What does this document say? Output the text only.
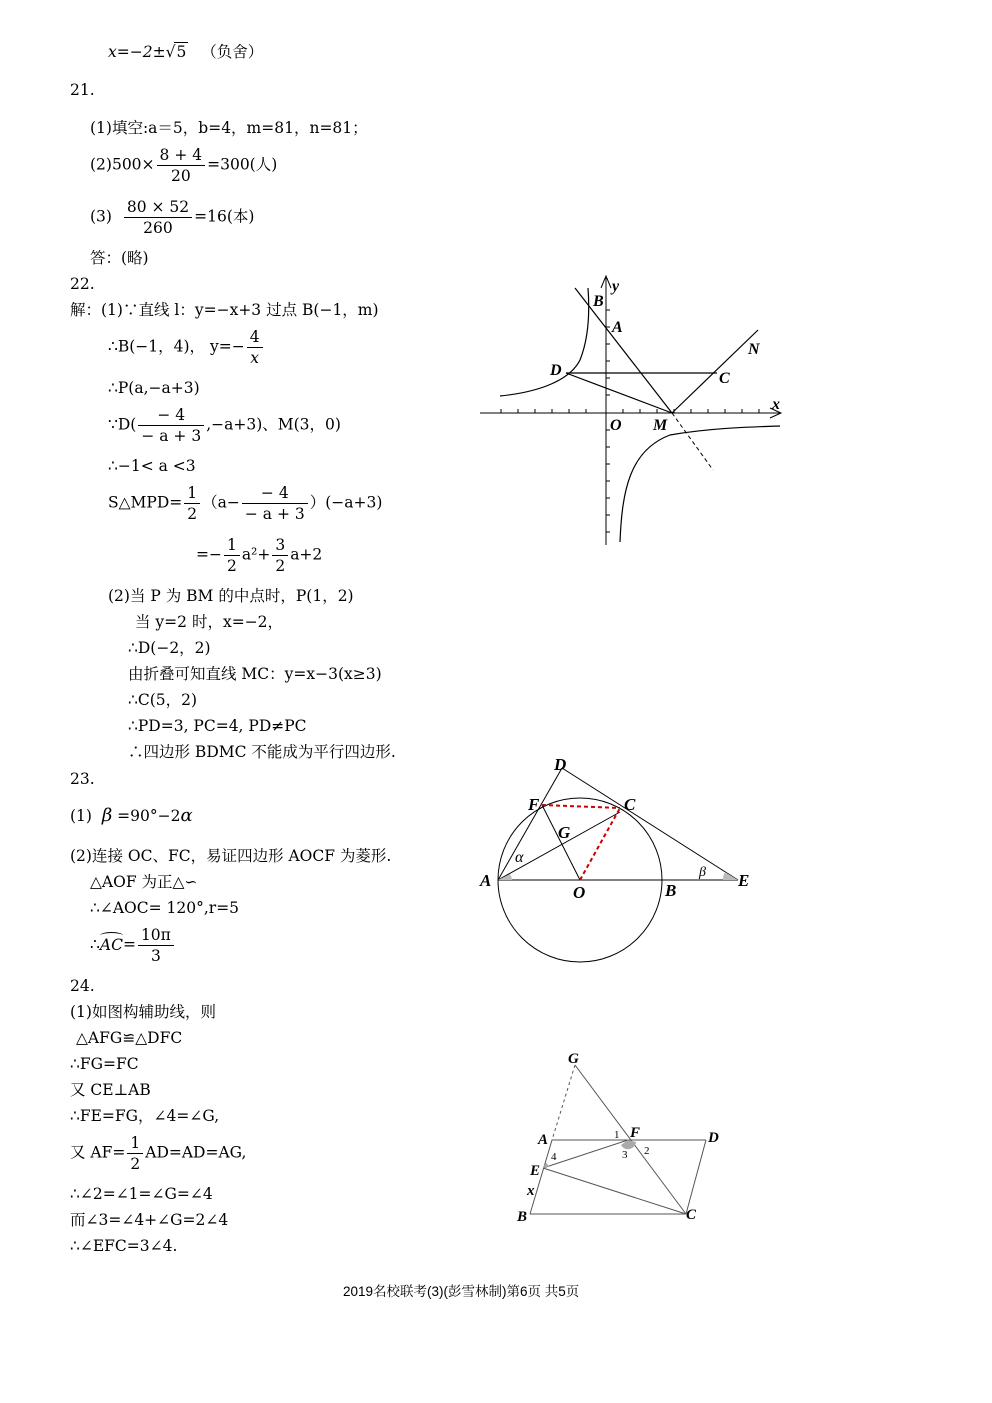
x=−2±√5 （负舍）
21.
(1)填空:a＝5，b=4，m=81，n=81；
$(2)500\times \frac{8 + 4}{20} =300$(人)
$(3) \frac{80 \times 52}{260} =16$(本)
答：(略)
22.
解：(1)∵直线 l：y=−x+3 过点 B(−1，m)
∴B(−1，4)， $y=- \frac{4}{x}$
∴P(a,−a+3)
∵D( $\frac{- 4}{- a + 3} ,-a+3$)、M(3，0)
∴−1< a <3
S△MPD= $\frac{1}{2} (a- \frac{- 4}{- a + 3} )(-a+3)$
=− $\frac{1}{2} a^2+ \frac{3}{2} a+2$
(2)当 P 为 BM 的中点时，P(1，2)
当 y=2 时，x=−2，
∴D(−2，2)
由折叠可知直线 MC：y=x−3(x≥3)
∴C(5，2)
∴PD=3, PC=4, PD≠PC
∴四边形 BDMC 不能成为平行四边形.
23.
(1) β =90°−2α
(2)连接 OC、FC，易证四边形 AOCF 为菱形.
△AOF 为正△∽
∴∠AOC= 120°,r=5
∴AC= $\frac{10\pi}{3}$
24.
(1)如图构辅助线，则
△AFG≌△DFC
∴FG=FC
又 CE⊥AB
∴FE=FG，∠4=∠G,
又 $AF= \frac{1}{2} AD=AD=AG$,
∴∠2=∠1=∠G=∠4
而∠3=∠4+∠G=2∠4
∴∠EFC=3∠4.
B
y
A
N
D	C
O M
x
D
F	C
G
α
β
A
O	B
E
G
A	F	D
1
2
3
4
E
x
B	C
2019名校联考(3)(彭雪林制)第6页 共5页
